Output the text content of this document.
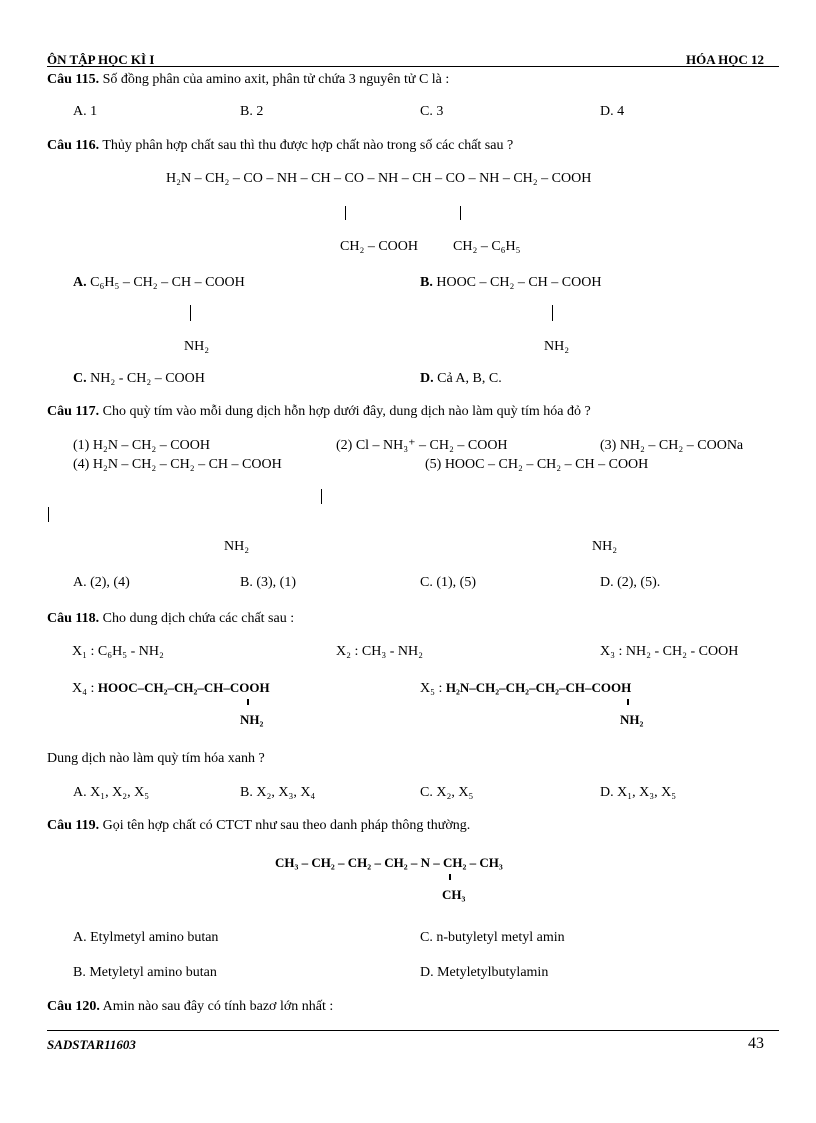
ÔN TẬP HỌC KÌ I	HÓA HỌC 12
Câu 115. Số đồng phân của amino axit, phân tử chứa 3 nguyên tử C là :
A. 1	B. 2	C. 3	D. 4
Câu 116. Thủy phân hợp chất sau thì thu được hợp chất nào trong số các chất sau ?
H₂N – CH₂ – CO – NH – CH – CO – NH – CH – CO – NH – CH₂ – COOH
CH₂ – COOH	CH₂ – C₆H₅
A. C₆H₅ – CH₂ – CH – COOH
NH₂
B. HOOC – CH₂ – CH – COOH
NH₂
C. NH₂ - CH₂ – COOH	D. Cả A, B, C.
Câu 117. Cho quỳ tím vào mỗi dung dịch hỗn hợp dưới đây, dung dịch nào làm quỳ tím hóa đỏ ?
(1) H₂N – CH₂ – COOH	(2) Cl – NH₃⁺ – CH₂ – COOH	(3) NH₂ – CH₂ – COONa
(4) H₂N – CH₂ – CH₂ – CH – COOH	(5) HOOC – CH₂ – CH₂ – CH – COOH
NH₂	NH₂
A. (2), (4)	B. (3), (1)	C. (1), (5)	D. (2), (5).
Câu 118. Cho dung dịch chứa các chất sau :
X₁ : C₆H₅ - NH₂	X₂ : CH₃ - NH₂	X₃ : NH₂ - CH₂ - COOH
X₄ : HOOC–CH₂–CH₂–CH–COOH
NH₂
X₅ : H₂N–CH₂–CH₂–CH₂–CH–COOH
NH₂
Dung dịch nào làm quỳ tím hóa xanh ?
A. X₁, X₂, X₅	B. X₂, X₃, X₄	C. X₂, X₅	D. X₁, X₃, X₅
Câu 119. Gọi tên hợp chất có CTCT như sau theo danh pháp thông thường.
CH₃ – CH₂ – CH₂ – CH₂ – N – CH₂ – CH₃
CH₃
A. Etylmetyl amino butan	C. n-butyletyl metyl amin
B. Metyletyl amino butan	D. Metyletylbutylamin
Câu 120. Amin nào sau đây có tính bazơ lớn nhất :
SADSTAR11603	43
